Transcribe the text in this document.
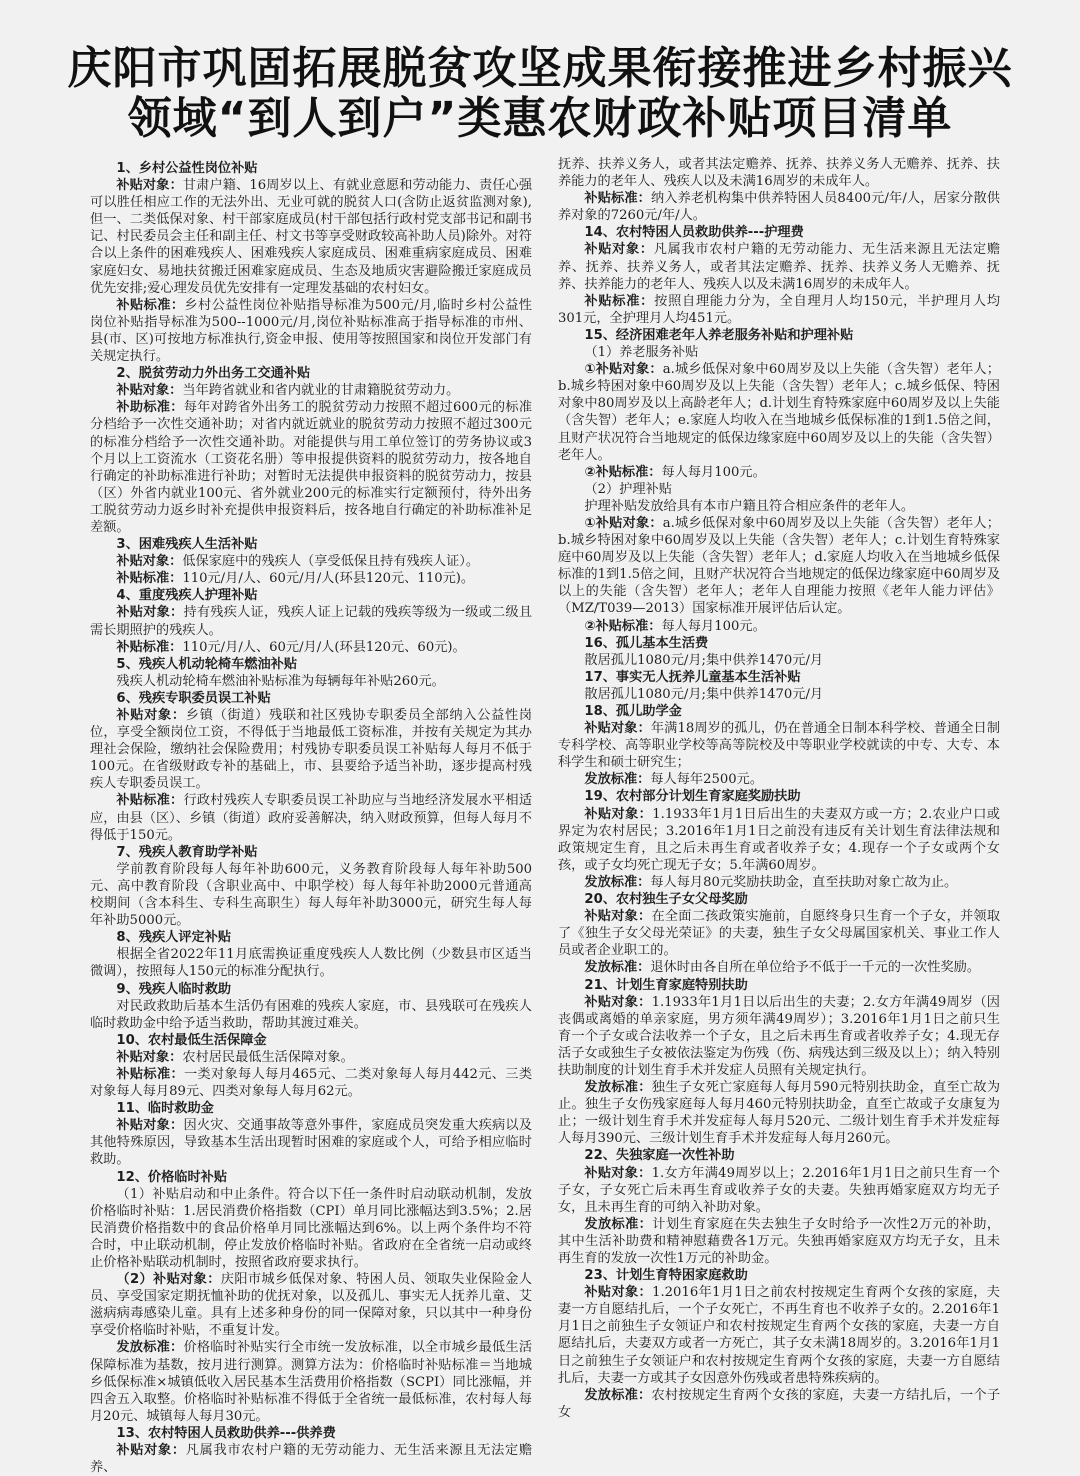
庆阳市巩固拓展脱贫攻坚成果衔接推进乡村振兴
领域“到人到户”类惠农财政补贴项目清单

1、乡村公益性岗位补贴

补贴对象：甘肃户籍、16周岁以上、有就业意愿和劳动能力、责任心强可以胜任相应工作的无法外出、无业可就的脱贫人口(含防止返贫监测对象),但一、二类低保对象、村干部家庭成员(村干部包括行政村党支部书记和副书记、村民委员会主任和副主任、村文书等享受财政较高补助人员)除外。对符合以上条件的困难残疾人、困难残疾人家庭成员、困难重病家庭成员、困难家庭妇女、易地扶贫搬迁困难家庭成员、生态及地质灾害避险搬迁家庭成员优先安排;爱心理发员优先安排有一定理发基础的农村妇女。

补贴标准：乡村公益性岗位补贴指导标准为500元/月,临时乡村公益性岗位补贴指导标准为500--1000元/月,岗位补贴标准高于指导标准的市州、县(市、区)可按地方标准执行,资金申报、使用等按照国家和岗位开发部门有关规定执行。

2、脱贫劳动力外出务工交通补贴

补贴对象：当年跨省就业和省内就业的甘肃籍脱贫劳动力。

补助标准：每年对跨省外出务工的脱贫劳动力按照不超过600元的标准分档给予一次性交通补助；对省内就近就业的脱贫劳动力按照不超过300元的标准分档给予一次性交通补助。对能提供与用工单位签订的劳务协议或3个月以上工资流水（工资花名册）等申报提供资料的脱贫劳动力，按各地自行确定的补助标准进行补助；对暂时无法提供申报资料的脱贫劳动力，按县（区）外省内就业100元、省外就业200元的标准实行定额预付，待外出务工脱贫劳动力返乡时补充提供申报资料后，按各地自行确定的补助标准补足差额。

3、困难残疾人生活补贴

补贴对象：低保家庭中的残疾人（享受低保且持有残疾人证）。

补贴标准：110元/月/人、60元/月/人(环县120元、110元)。

4、重度残疾人护理补贴

补贴对象：持有残疾人证，残疾人证上记载的残疾等级为一级或二级且需长期照护的残疾人。

补贴标准：110元/月/人、60元/月/人(环县120元、60元)。

5、残疾人机动轮椅车燃油补贴

残疾人机动轮椅车燃油补贴标准为每辆每年补贴260元。

6、残疾专职委员误工补贴

补贴对象：乡镇（街道）残联和社区残协专职委员全部纳入公益性岗位，享受全额岗位工资，不得低于当地最低工资标准，并按有关规定为其办理社会保险，缴纳社会保险费用；村残协专职委员误工补贴每人每月不低于100元。在省级财政专补的基础上，市、县要给予适当补助，逐步提高村残疾人专职委员误工。

补贴标准：行政村残疾人专职委员误工补助应与当地经济发展水平相适应，由县（区）、乡镇（街道）政府妥善解决，纳入财政预算，但每人每月不得低于150元。

7、残疾人教育助学补贴

学前教育阶段每人每年补助600元，义务教育阶段每人每年补助500元、高中教育阶段（含职业高中、中职学校）每人每年补助2000元普通高校期间（含本科生、专科生高职生）每人每年补助3000元，研究生每人每年补助5000元。

8、残疾人评定补贴

根据全省2022年11月底需换证重度残疾人人数比例（少数县市区适当微调），按照每人150元的标准分配执行。

9、残疾人临时救助

对民政救助后基本生活仍有困难的残疾人家庭，市、县残联可在残疾人临时救助金中给予适当救助，帮助其渡过难关。

10、农村最低生活保障金

补贴对象：农村居民最低生活保障对象。

补贴标准：一类对象每人每月465元、二类对象每人每月442元、三类对象每人每月89元、四类对象每人每月62元。

11、临时救助金

补贴对象：因火灾、交通事故等意外事件，家庭成员突发重大疾病以及其他特殊原因，导致基本生活出现暂时困难的家庭或个人，可给予相应临时救助。

12、价格临时补贴

（1）补贴启动和中止条件。符合以下任一条件时启动联动机制，发放价格临时补贴：1.居民消费价格指数（CPI）单月同比涨幅达到3.5%；2.居民消费价格指数中的食品价格单月同比涨幅达到6%。以上两个条件均不符合时，中止联动机制，停止发放价格临时补贴。省政府在全省统一启动或终止价格补贴联动机制时，按照省政府要求执行。

（2）补贴对象：庆阳市城乡低保对象、特困人员、领取失业保险金人员、享受国家定期抚恤补助的优抚对象，以及孤儿、事实无人抚养儿童、艾滋病病毒感染儿童。具有上述多种身份的同一保障对象，只以其中一种身份享受价格临时补贴，不重复计发。

发放标准：价格临时补贴实行全市统一发放标准，以全市城乡最低生活保障标准为基数，按月进行测算。测算方法为：价格临时补贴标准＝当地城乡低保标准×城镇低收入居民基本生活费用价格指数（SCPI）同比涨幅，并四舍五入取整。价格临时补贴标准不得低于全省统一最低标准，农村每人每月20元、城镇每人每月30元。

13、农村特困人员救助供养---供养费

补贴对象：凡属我市农村户籍的无劳动能力、无生活来源且无法定赡养、

抚养、扶养义务人，或者其法定赡养、抚养、扶养义务人无赡养、抚养、扶养能力的老年人、残疾人以及未满16周岁的未成年人。

补贴标准：纳入养老机构集中供养特困人员8400元/年/人，居家分散供养对象的7260元/年/人。

14、农村特困人员救助供养---护理费

补贴对象：凡属我市农村户籍的无劳动能力、无生活来源且无法定赡养、抚养、扶养义务人，或者其法定赡养、抚养、扶养义务人无赡养、抚养、扶养能力的老年人、残疾人以及未满16周岁的未成年人。

补贴标准：按照自理能力分为，全自理月人均150元，半护理月人均301元，全护理月人均451元。

15、经济困难老年人养老服务补贴和护理补贴

（1）养老服务补贴

①补贴对象：a.城乡低保对象中60周岁及以上失能（含失智）老年人；b.城乡特困对象中60周岁及以上失能（含失智）老年人；c.城乡低保、特困对象中80周岁及以上高龄老年人；d.计划生育特殊家庭中60周岁及以上失能（含失智）老年人；e.家庭人均收入在当地城乡低保标准的1到1.5倍之间，且财产状况符合当地规定的低保边缘家庭中60周岁及以上的失能（含失智）老年人。

②补贴标准：每人每月100元。

（2）护理补贴

护理补贴发放给具有本市户籍且符合相应条件的老年人。

①补贴对象：a.城乡低保对象中60周岁及以上失能（含失智）老年人；b.城乡特困对象中60周岁及以上失能（含失智）老年人；c.计划生育特殊家庭中60周岁及以上失能（含失智）老年人；d.家庭人均收入在当地城乡低保标准的1到1.5倍之间，且财产状况符合当地规定的低保边缘家庭中60周岁及以上的失能（含失智）老年人；老年人自理能力按照《老年人能力评估》（MZ/T039—2013）国家标准开展评估后认定。

②补贴标准：每人每月100元。

16、孤儿基本生活费

散居孤儿1080元/月;集中供养1470元/月

17、事实无人抚养儿童基本生活补贴

散居孤儿1080元/月;集中供养1470元/月

18、孤儿助学金

补贴对象：年满18周岁的孤儿，仍在普通全日制本科学校、普通全日制专科学校、高等职业学校等高等院校及中等职业学校就读的中专、大专、本科学生和硕士研究生；

发放标准：每人每年2500元。

19、农村部分计划生育家庭奖励扶助

补贴对象：1.1933年1月1日后出生的夫妻双方或一方；2.农业户口或界定为农村居民；3.2016年1月1日之前没有违反有关计划生育法律法规和政策规定生育，且之后未再生育或者收养子女；4.现存一个子女或两个女孩，或子女均死亡现无子女；5.年满60周岁。

发放标准：每人每月80元奖励扶助金，直至扶助对象亡故为止。

20、农村独生子女父母奖励

补贴对象：在全面二孩政策实施前，自愿终身只生育一个子女，并领取了《独生子女父母光荣证》的夫妻，独生子女父母属国家机关、事业工作人员或者企业职工的。

发放标准：退休时由各自所在单位给予不低于一千元的一次性奖励。

21、计划生育家庭特别扶助

补贴对象：1.1933年1月1日以后出生的夫妻；2.女方年满49周岁（因丧偶或离婚的单亲家庭，男方须年满49周岁）；3.2016年1月1日之前只生育一个子女或合法收养一个子女，且之后未再生育或者收养子女；4.现无存活子女或独生子女被依法鉴定为伤残（伤、病残达到三级及以上）；纳入特别扶助制度的计划生育手术并发症人员照有关规定执行。

发放标准：独生子女死亡家庭每人每月590元特别扶助金，直至亡故为止。独生子女伤残家庭每人每月460元特别扶助金，直至亡故或子女康复为止；一级计划生育手术并发症每人每月520元、二级计划生育手术并发症每人每月390元、三级计划生育手术并发症每人每月260元。

22、失独家庭一次性补助

补贴对象：1.女方年满49周岁以上；2.2016年1月1日之前只生育一个子女，子女死亡后未再生育或收养子女的夫妻。失独再婚家庭双方均无子女，且未再生育的可纳入补助对象。

发放标准：计划生育家庭在失去独生子女时给予一次性2万元的补助，其中生活补助费和精神慰藉费各1万元。失独再婚家庭双方均无子女，且未再生育的发放一次性1万元的补助金。

23、计划生育特困家庭救助

补贴对象：1.2016年1月1日之前农村按规定生育两个女孩的家庭，夫妻一方自愿结扎后，一个子女死亡，不再生育也不收养子女的。2.2016年1月1日之前独生子女领证户和农村按规定生育两个女孩的家庭，夫妻一方自愿结扎后，夫妻双方或者一方死亡，其子女未满18周岁的。3.2016年1月1日之前独生子女领证户和农村按规定生育两个女孩的家庭，夫妻一方自愿结扎后，夫妻一方或其子女因意外伤残或者患特殊疾病的。

发放标准：农村按规定生育两个女孩的家庭，夫妻一方结扎后，一个子女
